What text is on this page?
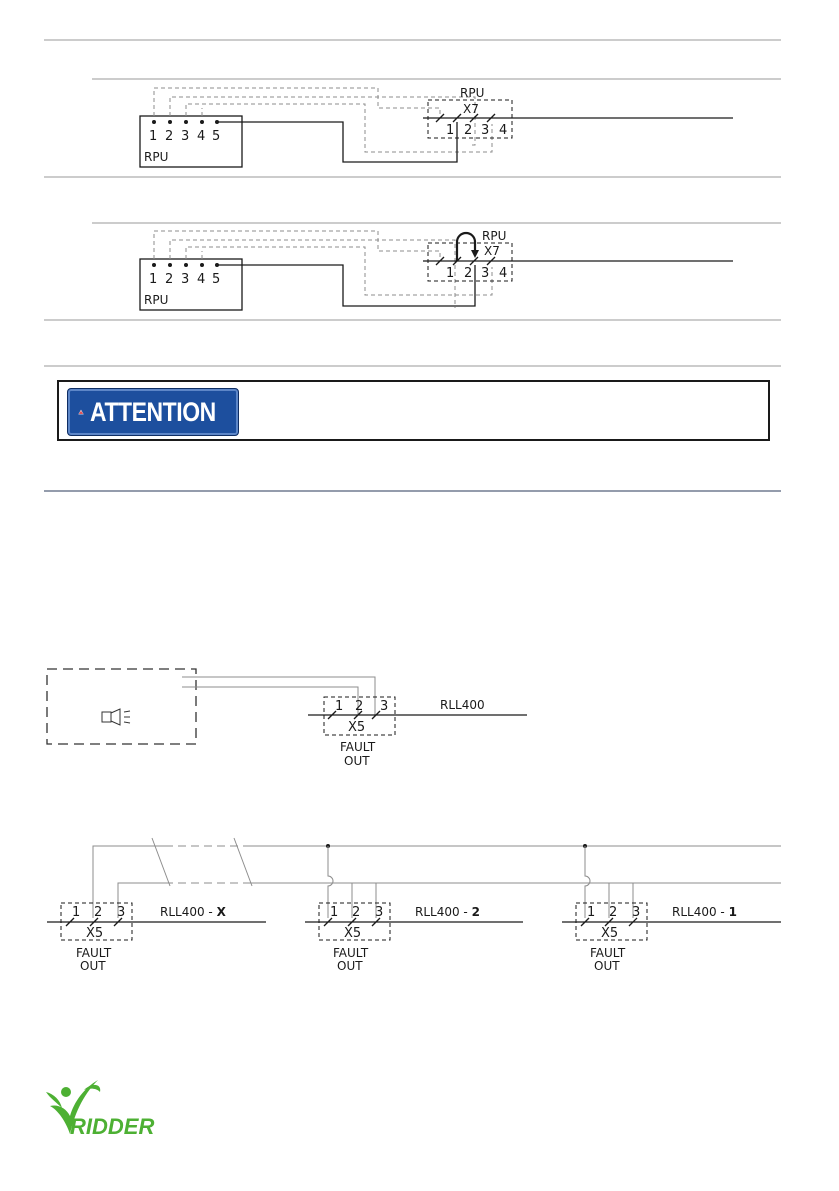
1 2 3 4 5
RPU
RPU
X7
1 2 3 4
1 2 3 4 5
RPU
RPU
X7
1 2 3 4
1 2 3
X5
RLL400
FAULT
OUT
1 2 3
X5
RLL400 - X
FAULT
OUT
1 2 3
X5
RLL400 - 2
FAULT
OUT
1 2 3
X5
RLL400 - 1
FAULT
OUT
ATTENTION
RIDDER
